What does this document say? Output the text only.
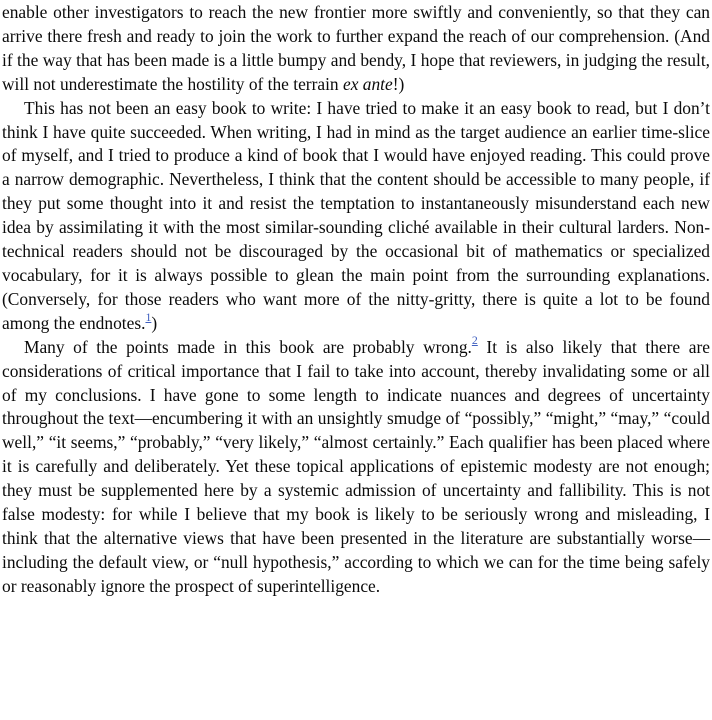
enable other investigators to reach the new frontier more swiftly and conveniently, so that they can arrive there fresh and ready to join the work to further expand the reach of our comprehension. (And if the way that has been made is a little bumpy and bendy, I hope that reviewers, in judging the result, will not underestimate the hostility of the terrain ex ante!)

This has not been an easy book to write: I have tried to make it an easy book to read, but I don’t think I have quite succeeded. When writing, I had in mind as the target audience an earlier time-slice of myself, and I tried to produce a kind of book that I would have enjoyed reading. This could prove a narrow demographic. Nevertheless, I think that the content should be accessible to many people, if they put some thought into it and resist the temptation to instantaneously misunderstand each new idea by assimilating it with the most similar-sounding cliché available in their cultural larders. Non-technical readers should not be discouraged by the occasional bit of mathematics or specialized vocabulary, for it is always possible to glean the main point from the surrounding explanations. (Conversely, for those readers who want more of the nitty-gritty, there is quite a lot to be found among the endnotes.$^1$)

Many of the points made in this book are probably wrong.$^2$ It is also likely that there are considerations of critical importance that I fail to take into account, thereby invalidating some or all of my conclusions. I have gone to some length to indicate nuances and degrees of uncertainty throughout the text—encumbering it with an unsightly smudge of “possibly,” “might,” “may,” “could well,” “it seems,” “probably,” “very likely,” “almost certainly.” Each qualifier has been placed where it is carefully and deliberately. Yet these topical applications of epistemic modesty are not enough; they must be supplemented here by a systemic admission of uncertainty and fallibility. This is not false modesty: for while I believe that my book is likely to be seriously wrong and misleading, I think that the alternative views that have been presented in the literature are substantially worse—including the default view, or “null hypothesis,” according to which we can for the time being safely or reasonably ignore the prospect of superintelligence.
